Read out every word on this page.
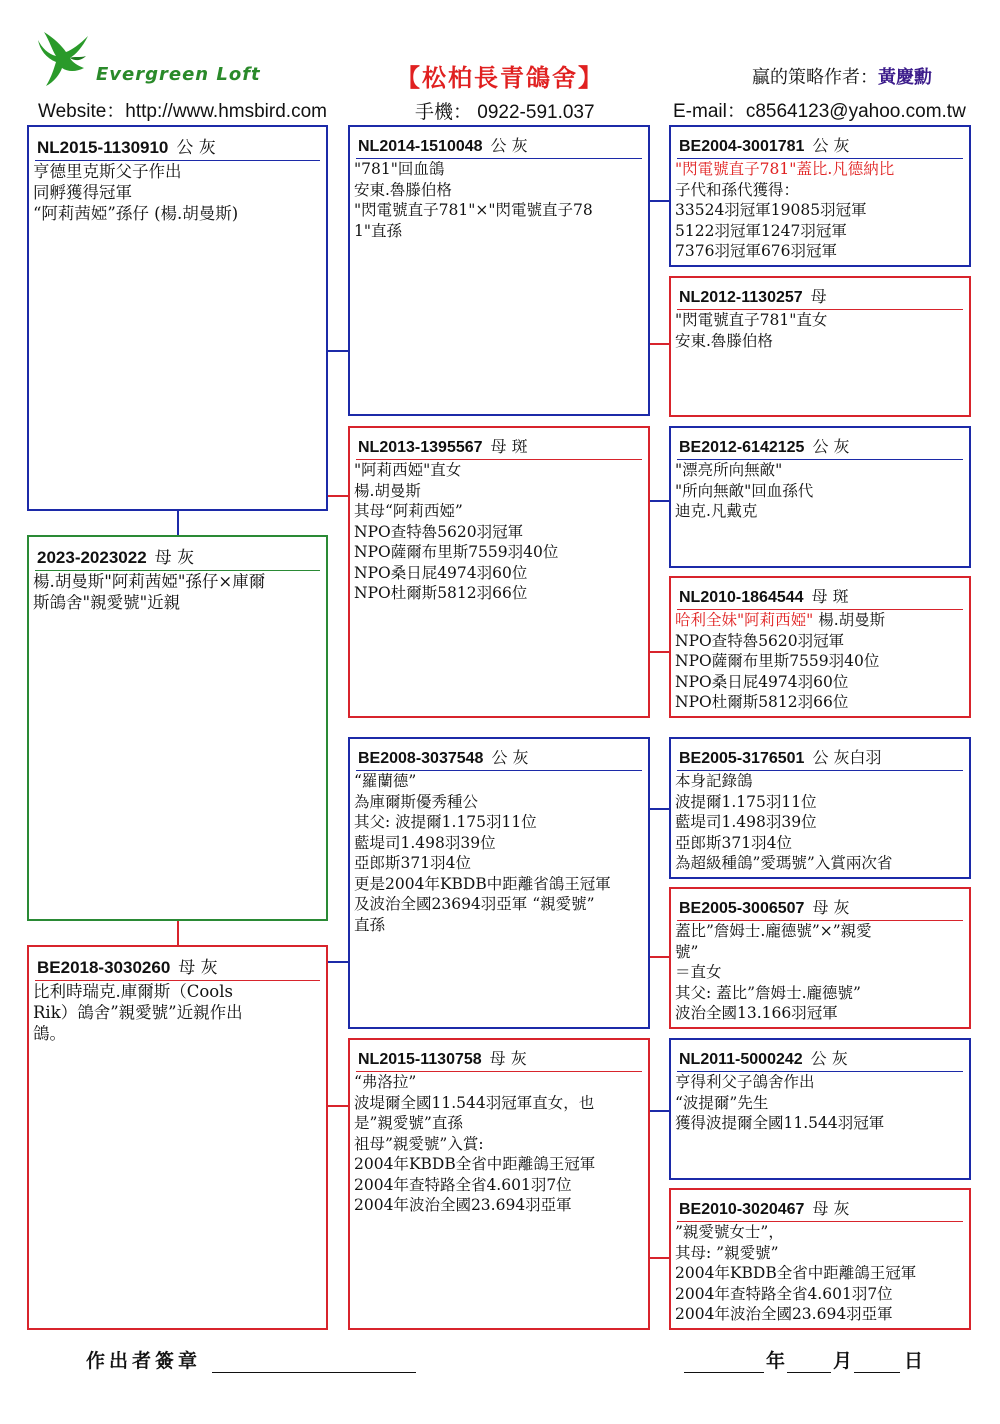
Evergreen Loft	【松柏長青鴿舍】	贏的策略作者：黃慶勳
Website：http://www.hmsbird.com	手機： 0922-591.037	E-mail：c8564123@yahoo.com.tw
NL2015-1130910 公 灰
亨德里克斯父子作出
同孵獲得冠軍
“阿莉茜婭”孫仔 (楊.胡曼斯)
2023-2023022 母 灰
楊.胡曼斯"阿莉茜婭"孫仔×庫爾
斯鴿舍"親愛號"近親
BE2018-3030260 母 灰
比利時瑞克.庫爾斯（Cools
Rik）鴿舍”親愛號”近親作出
鴿。
NL2014-1510048 公 灰
"781"回血鴿
安東.魯滕伯格
"閃電號直子781"×"閃電號直子78
1"直孫
NL2013-1395567 母 斑
"阿莉西婭"直女
楊.胡曼斯
其母“阿莉西婭”
NPO查特魯5620羽冠軍
NPO薩爾布里斯7559羽40位
NPO桑日屁4974羽60位
NPO杜爾斯5812羽66位
BE2008-3037548 公 灰
“羅蘭德”
為庫爾斯優秀種公
其父: 波提爾1.175羽11位
藍堤司1.498羽39位
亞郎斯371羽4位
更是2004年KBDB中距離省鴿王冠軍
及波治全國23694羽亞軍 “親愛號”
直孫
NL2015-1130758 母 灰
“弗洛拉”
波堤爾全國11.544羽冠軍直女，也
是”親愛號”直孫
祖母”親愛號”入賞:
2004年KBDB全省中距離鴿王冠軍
2004年查特路全省4.601羽7位
2004年波治全國23.694羽亞軍
BE2004-3001781 公 灰
"閃電號直子781"蓋比.凡德納比
子代和孫代獲得：
33524羽冠軍19085羽冠軍
5122羽冠軍1247羽冠軍
7376羽冠軍676羽冠軍
NL2012-1130257 母
"閃電號直子781"直女
安東.魯滕伯格
BE2012-6142125 公 灰
"漂亮所向無敵"
"所向無敵"回血孫代
迪克.凡戴克
NL2010-1864544 母 斑
哈利全妹"阿莉西婭" 楊.胡曼斯
NPO查特魯5620羽冠軍
NPO薩爾布里斯7559羽40位
NPO桑日屁4974羽60位
NPO杜爾斯5812羽66位
BE2005-3176501 公 灰白羽
本身記錄鴿
波提爾1.175羽11位
藍堤司1.498羽39位
亞郎斯371羽4位
為超級種鴿”愛瑪號”入賞兩次省
BE2005-3006507 母 灰
蓋比”詹姆士.龐德號”×”親愛
號”
＝直女
其父: 蓋比”詹姆士.龐德號”
波治全國13.166羽冠軍
NL2011-5000242 公 灰
亨得利父子鴿舍作出
“波提爾”先生
獲得波提爾全國11.544羽冠軍
BE2010-3020467 母 灰
”親愛號女士”，
其母: ”親愛號”
2004年KBDB全省中距離鴿王冠軍
2004年查特路全省4.601羽7位
2004年波治全國23.694羽亞軍
作出者簽章	年	月	日
